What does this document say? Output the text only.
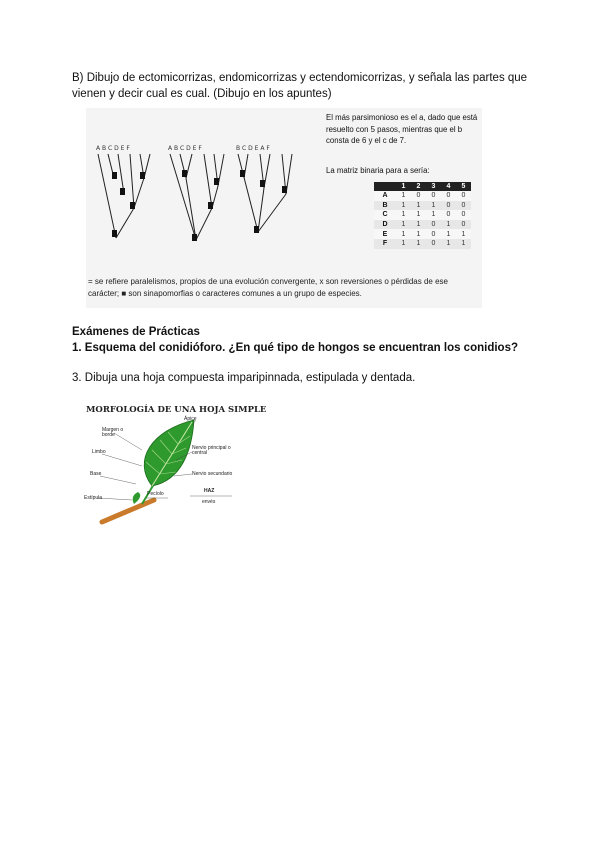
B) Dibujo de ectomicorrizas, endomicorrizas y ectendomicorrizas, y señala las partes que
vienen y decir cual es cual. (Dibujo en los apuntes)
A B C D E F	A B C D E F	B C D E A F
El más parsimonioso es el a, dado que está resuelto con 5 pasos, mientras que el b consta de 6 y el c de 7.
La matriz binaria para a sería:
	1	2	3	4	5
A	1	0	0	0	0
B	1	1	1	0	0
C	1	1	1	0	0
D	1	1	0	1	0
E	1	1	0	1	1
F	1	1	0	1	1
= se refiere paralelismos, propios de una evolución convergente, x son reversiones o pérdidas de ese carácter; ■ son sinapomorfias o caracteres comunes a un grupo de especies.
Exámenes de Prácticas
1. Esquema del conidióforo. ¿En qué tipo de hongos se encuentran los conidios?
3. Dibuja una hoja compuesta imparipinnada, estipulada y dentada.
MORFOLOGÍA DE UNA HOJA SIMPLE
Margen o borde
Limbo
Base
Estípula
Pecíolo
Ápice
Nervio principal o central
Nervio secundario
HAZ
envés
